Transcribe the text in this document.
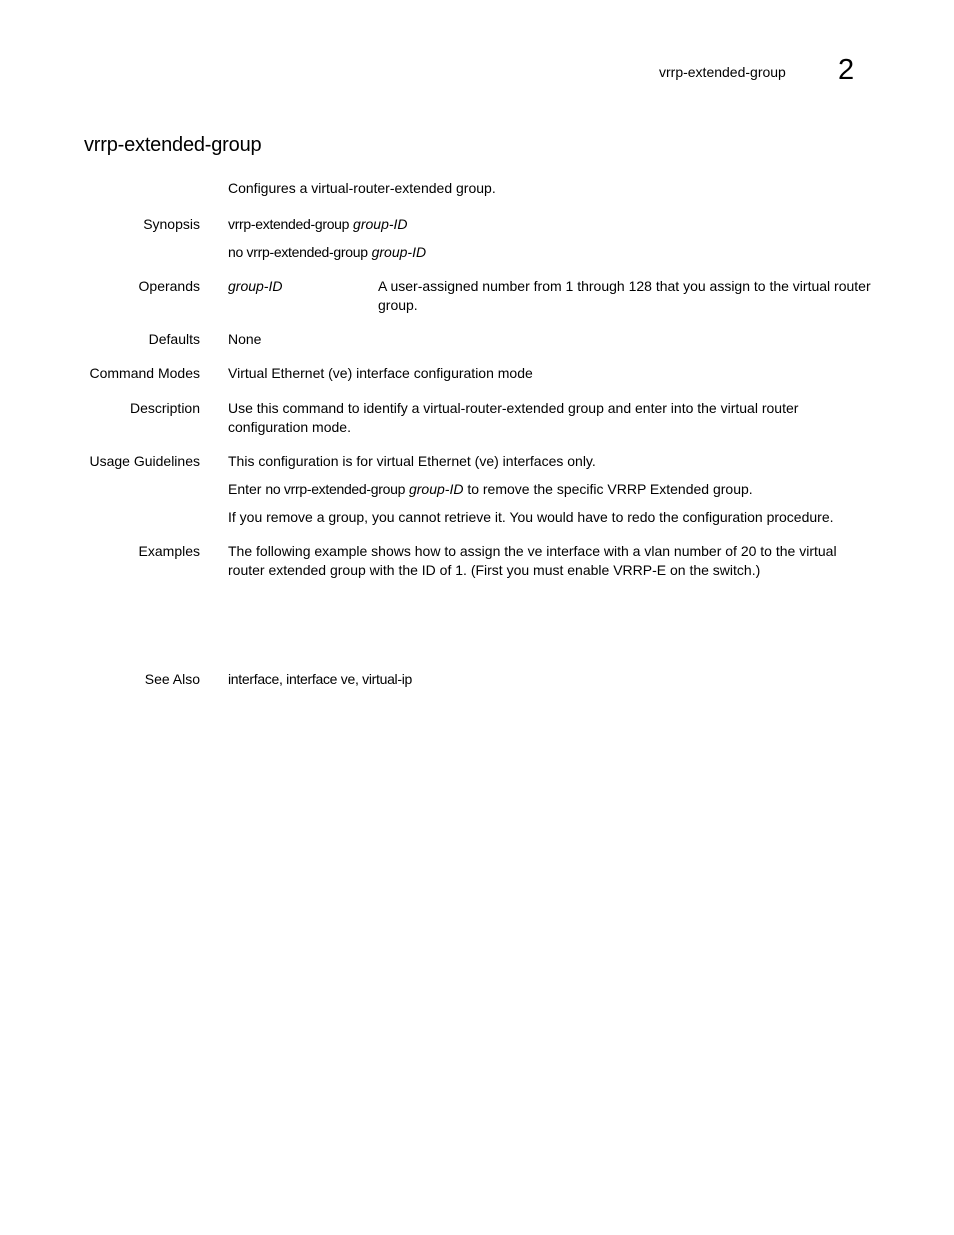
vrrp-extended-group 2
vrrp-extended-group
Configures a virtual-router-extended group.
Synopsis vrrp-extended-group group-ID

no vrrp-extended-group group-ID

Operands group-ID	A user-assigned number from 1 through 128 that you assign to the virtual router group.
Defaults None
Command Modes Virtual Ethernet (ve) interface configuration mode
Description Use this command to identify a virtual-router-extended group and enter into the virtual router configuration mode.
Usage Guidelines This configuration is for virtual Ethernet (ve) interfaces only.

Enter no vrrp-extended-group group-ID to remove the specific VRRP Extended group.

If you remove a group, you cannot retrieve it. You would have to redo the configuration procedure.

Examples The following example shows how to assign the ve interface with a vlan number of 20 to the virtual router extended group with the ID of 1. (First you must enable VRRP-E on the switch.)
See Also interface, interface ve, virtual-ip
